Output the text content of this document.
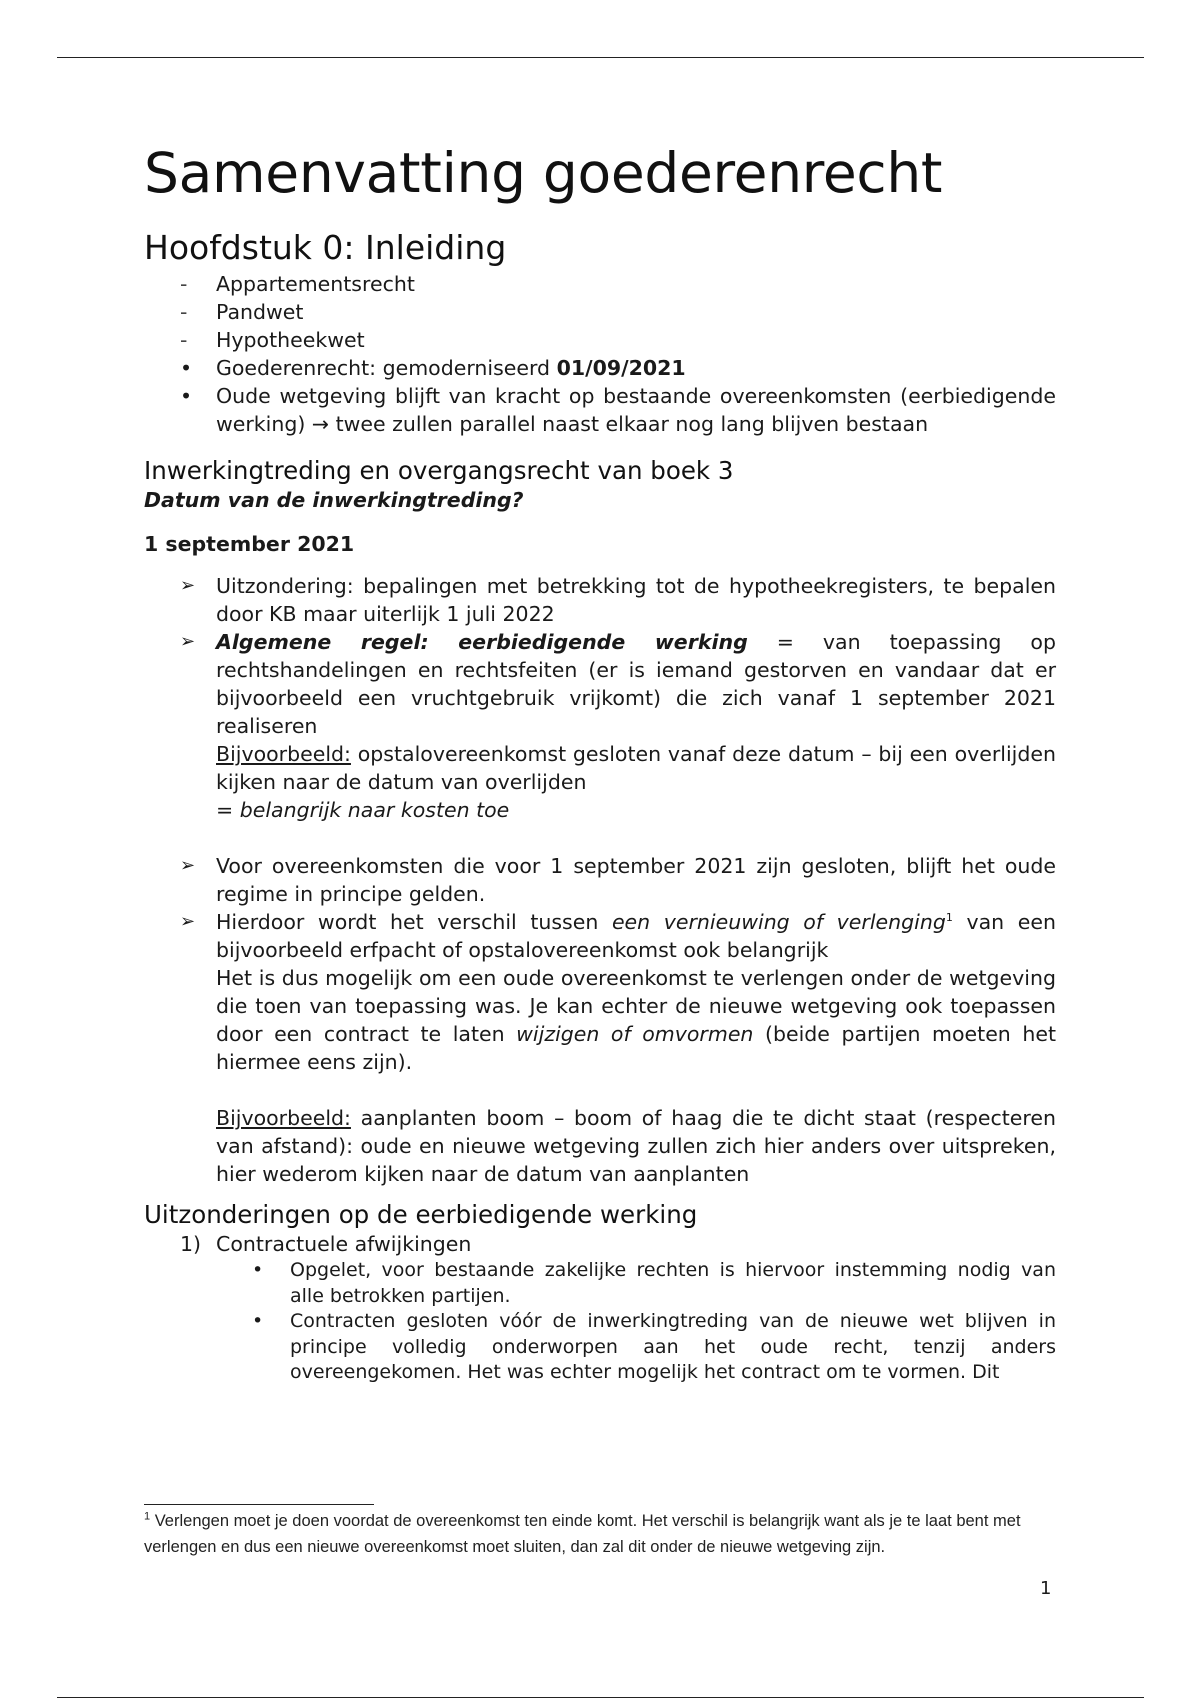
Samenvatting goederenrecht
Hoofdstuk 0: Inleiding
-	Appartementsrecht
-	Pandwet
-	Hypotheekwet
•	Goederenrecht: gemoderniseerd 01/09/2021
•	Oude wetgeving blijft van kracht op bestaande overeenkomsten (eerbiedigende werking) → twee zullen parallel naast elkaar nog lang blijven bestaan
Inwerkingtreding en overgangsrecht van boek 3

Datum van de inwerkingtreding?

1 september 2021

➢	Uitzondering: bepalingen met betrekking tot de hypotheekregisters, te bepalen door KB maar uiterlijk 1 juli 2022
➢	Algemene regel: eerbiedigende werking = van toepassing op rechtshandelingen en rechtsfeiten (er is iemand gestorven en vandaar dat er bijvoorbeeld een vruchtgebruik vrijkomt) die zich vanaf 1 september 2021 realiseren

Bijvoorbeeld: opstalovereenkomst gesloten vanaf deze datum – bij een overlijden kijken naar de datum van overlijden

= belangrijk naar kosten toe

➢	Voor overeenkomsten die voor 1 september 2021 zijn gesloten, blijft het oude regime in principe gelden.
➢	Hierdoor wordt het verschil tussen een vernieuwing of verlenging$^1$ van een bijvoorbeeld erfpacht of opstalovereenkomst ook belangrijk

Het is dus mogelijk om een oude overeenkomst te verlengen onder de wetgeving die toen van toepassing was. Je kan echter de nieuwe wetgeving ook toepassen door een contract te laten wijzigen of omvormen (beide partijen moeten het hiermee eens zijn).

Bijvoorbeeld: aanplanten boom – boom of haag die te dicht staat (respecteren van afstand): oude en nieuwe wetgeving zullen zich hier anders over uitspreken, hier wederom kijken naar de datum van aanplanten

Uitzonderingen op de eerbiedigende werking
1) Contractuele afwijkingen
•	Opgelet, voor bestaande zakelijke rechten is hiervoor instemming nodig van alle betrokken partijen.
•	Contracten gesloten vóór de inwerkingtreding van de nieuwe wet blijven in principe volledig onderworpen aan het oude recht, tenzij anders overeengekomen. Het was echter mogelijk het contract om te vormen. Dit
$^1$ Verlengen moet je doen voordat de overeenkomst ten einde komt. Het verschil is belangrijk want als je te laat bent met verlengen en dus een nieuwe overeenkomst moet sluiten, dan zal dit onder de nieuwe wetgeving zijn.
1
